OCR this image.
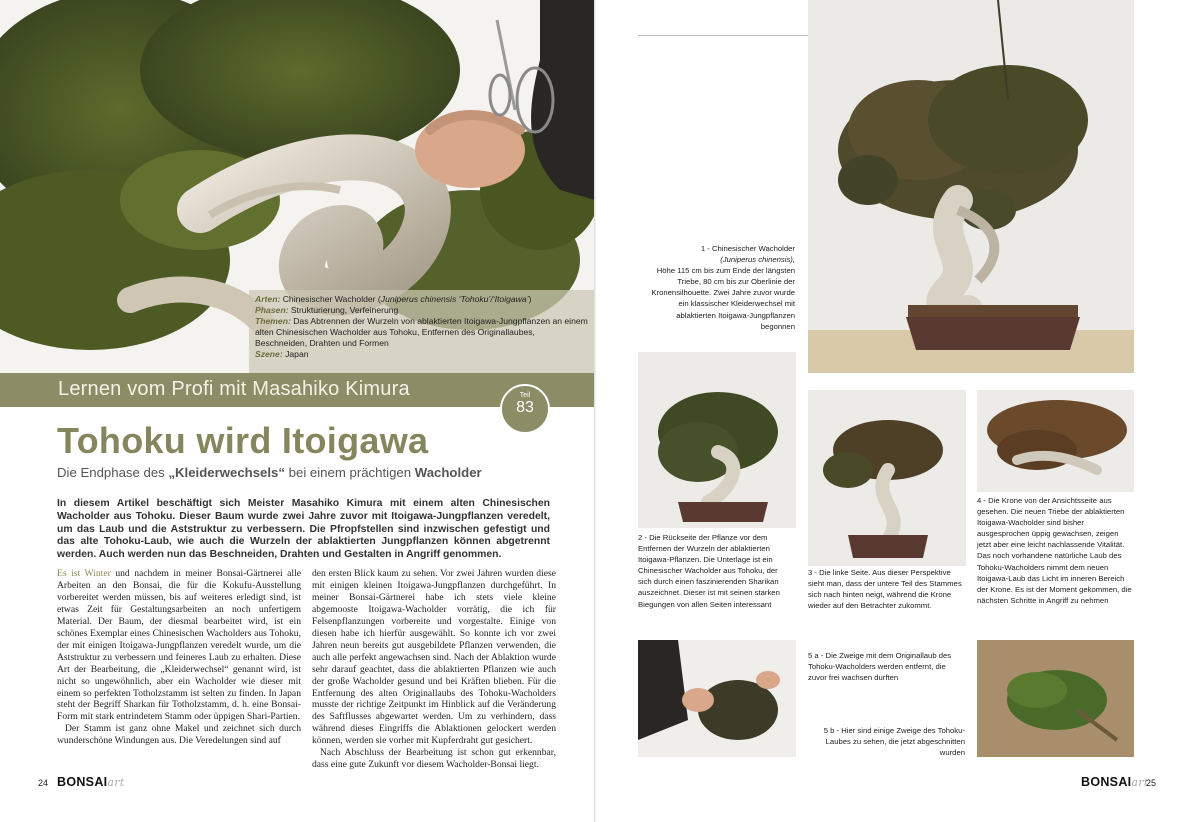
Arten: Chinesischer Wacholder (Juniperus chinensis ‘Tohoku’/‘Itoigawa’)
Phasen: Strukturierung, Verfeinerung
Themen: Das Abtrennen der Wurzeln von ablaktierten Itoigawa-Jungpflanzen an einem alten Chinesischen Wacholder aus Tohoku, Entfernen des Originallaubes, Beschneiden, Drahten und Formen
Szene: Japan
Lernen vom Profi mit Masahiko Kimura	Teil
83
Tohoku wird Itoigawa
Die Endphase des „Kleiderwechsels“ bei einem prächtigen Wacholder
In diesem Artikel beschäftigt sich Meister Masahiko Kimura mit einem alten Chinesischen Wacholder aus Tohoku. Dieser Baum wurde zwei Jahre zuvor mit Itoigawa-Jungpflanzen veredelt, um das Laub und die Aststruktur zu verbessern. Die Pfropfstellen sind inzwischen gefestigt und das alte Tohoku-Laub, wie auch die Wurzeln der ablaktierten Jungpflanzen können abgetrennt werden. Auch werden nun das Beschneiden, Drahten und Gestalten in Angriff genommen.

Es ist Winter und nachdem in meiner Bonsai-Gärtnerei alle Arbeiten an den Bonsai, die für die Kokufu-Ausstellung vorbereitet werden müssen, bis auf weiteres erledigt sind, ist etwas Zeit für Gestaltungsarbeiten an noch unfertigem Material. Der Baum, der diesmal bearbeitet wird, ist ein schönes Exemplar eines Chinesischen Wacholders aus Tohoku, der mit einigen Itoigawa-Jungpflanzen veredelt wurde, um die Aststruktur zu verbessern und feineres Laub zu erhalten. Diese Art der Bearbeitung, die „Kleiderwechsel“ genannt wird, ist nicht so ungewöhnlich, aber ein Wacholder wie dieser mit einem so perfekten Totholzstamm ist selten zu finden. In Japan steht der Begriff Sharkan für Totholzstamm, d. h. eine Bonsai-Form mit stark entrindetem Stamm oder üppigen Shari-Partien.

Der Stamm ist ganz ohne Makel und zeichnet sich durch wunderschöne Windungen aus. Die Veredelungen sind auf

den ersten Blick kaum zu sehen. Vor zwei Jahren wurden diese mit einigen kleinen Itoigawa-Jungpflanzen durchgeführt. In meiner Bonsai-Gärtnerei habe ich stets viele kleine abgemooste Itoigawa-Wacholder vorrätig, die ich für Felsenpflanzungen vorbereite und vorgestalte. Einige von diesen habe ich hierfür ausgewählt. So konnte ich vor zwei Jahren neun bereits gut ausgebildete Pflanzen verwenden, die auch alle perfekt angewachsen sind. Nach der Ablaktion wurde sehr darauf geachtet, dass die ablaktierten Pflanzen wie auch der große Wacholder gesund und bei Kräften blieben. Für die Entfernung des alten Originallaubs des Tohoku-Wacholders musste der richtige Zeitpunkt im Hinblick auf die Veränderung des Saftflusses abgewartet werden. Um zu verhindern, dass während dieses Eingriffs die Ablaktionen gelockert werden können, werden sie vorher mit Kupferdraht gut gesichert.

Nach Abschluss der Bearbeitung ist schon gut erkennbar, dass eine gute Zukunft vor diesem Wacholder-Bonsai liegt.

24 BONSAIart
1 - Chinesischer Wacholder
(Juniperus chinensis),
Höhe 115 cm bis zum Ende der längsten Triebe, 80 cm bis zur Oberlinie der Kronensilhouette. Zwei Jahre zuvor wurde ein klassischer Kleiderwechsel mit ablaktierten Itoigawa-Jungpflanzen begonnen
2 - Die Rückseite der Pflanze vor dem Entfernen der Wurzeln der ablaktierten Itoigawa-Pflanzen. Die Unterlage ist ein Chinesischer Wacholder aus Tohoku, der sich durch einen faszinierenden Sharikan auszeichnet. Dieser ist mit seinen starken Biegungen von allen Seiten interessant
3 - Die linke Seite. Aus dieser Perspektive sieht man, dass der untere Teil des Stammes sich nach hinten neigt, während die Krone wieder auf den Betrachter zukommt.
4 - Die Krone von der Ansichtsseite aus gesehen. Die neuen Triebe der ablaktierten Itoigawa-Wacholder sind bisher ausgesprochen üppig gewachsen, zeigen jetzt aber eine leicht nachlassende Vitalität. Das noch vorhandene natürliche Laub des Tohoku-Wacholders nimmt dem neuen Itoigawa-Laub das Licht im inneren Bereich der Krone. Es ist der Moment gekommen, die nächsten Schritte in Angriff zu nehmen
5 a - Die Zweige mit dem Originallaub des Tohoku-Wacholders werden entfernt, die zuvor frei wachsen durften
5 b - Hier sind einige Zweige des Tohoku-Laubes zu sehen, die jetzt abgeschnitten wurden
BONSAIart
25
